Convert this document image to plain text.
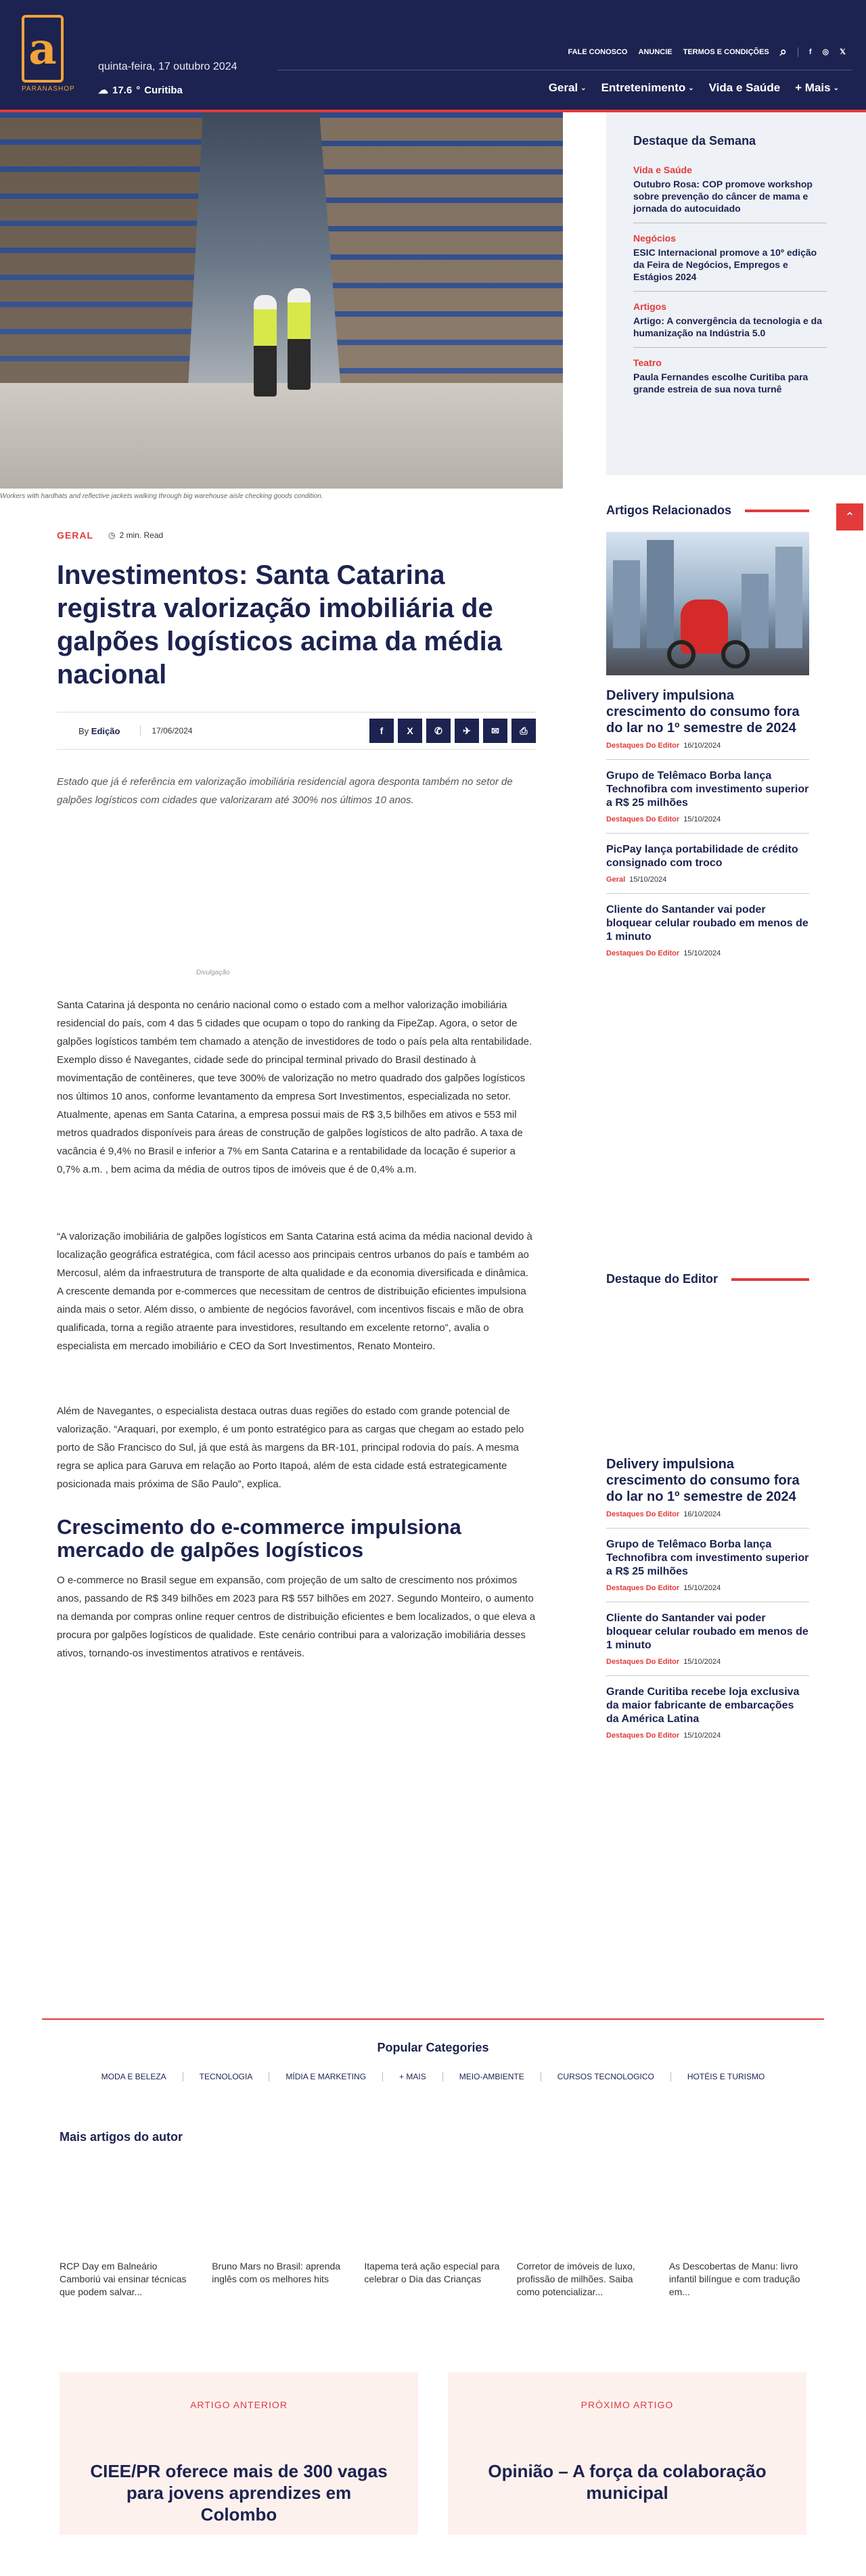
a
PARANASHOP
quinta-feira, 17 outubro 2024
☁ 17.6 ° Curitiba
FALE CONOSCO ANUNCIE TERMOS E CONDIÇÕES ⌕	f ◎ 𝕏
Geral ⌄ Entretenimento ⌄ Vida e Saúde + Mais ⌄
Workers with hardhats and reflective jackets walking through big warehouse aisle checking goods condition.
GERAL ◷ 2 min. Read
Investimentos: Santa Catarina registra valorização imobiliária de galpões logísticos acima da média nacional
By Edição	17/06/2024	f	X	✆	✈	✉	⎙

Estado que já é referência em valorização imobiliária residencial agora desponta também no setor de galpões logísticos com cidades que valorizaram até 300% nos últimos 10 anos.

Divulgação

Santa Catarina já desponta no cenário nacional como o estado com a melhor valorização imobiliária residencial do país, com 4 das 5 cidades que ocupam o topo do ranking da FipeZap. Agora, o setor de galpões logísticos também tem chamado a atenção de investidores de todo o país pela alta rentabilidade. Exemplo disso é Navegantes, cidade sede do principal terminal privado do Brasil destinado à movimentação de contêineres, que teve 300% de valorização no metro quadrado dos galpões logísticos nos últimos 10 anos, conforme levantamento da empresa Sort Investimentos, especializada no setor. Atualmente, apenas em Santa Catarina, a empresa possui mais de R$ 3,5 bilhões em ativos e 553 mil metros quadrados disponíveis para áreas de construção de galpões logísticos de alto padrão. A taxa de vacância é 9,4% no Brasil e inferior a 7% em Santa Catarina e a rentabilidade da locação é superior a 0,7% a.m. , bem acima da média de outros tipos de imóveis que é de 0,4% a.m.

“A valorização imobiliária de galpões logísticos em Santa Catarina está acima da média nacional devido à localização geográfica estratégica, com fácil acesso aos principais centros urbanos do país e também ao Mercosul, além da infraestrutura de transporte de alta qualidade e da economia diversificada e dinâmica. A crescente demanda por e-commerces que necessitam de centros de distribuição eficientes impulsiona ainda mais o setor. Além disso, o ambiente de negócios favorável, com incentivos fiscais e mão de obra qualificada, torna a região atraente para investidores, resultando em excelente retorno”, avalia o especialista em mercado imobiliário e CEO da Sort Investimentos, Renato Monteiro.

Além de Navegantes, o especialista destaca outras duas regiões do estado com grande potencial de valorização. “Araquari, por exemplo, é um ponto estratégico para as cargas que chegam ao estado pelo porto de São Francisco do Sul, já que está às margens da BR-101, principal rodovia do país. A mesma regra se aplica para Garuva em relação ao Porto Itapoá, além de esta cidade está estrategicamente posicionada mais próxima de São Paulo”, explica.

Crescimento do e-commerce impulsiona mercado de galpões logísticos

O e-commerce no Brasil segue em expansão, com projeção de um salto de crescimento nos próximos anos, passando de R$ 349 bilhões em 2023 para R$ 557 bilhões em 2027. Segundo Monteiro, o aumento na demanda por compras online requer centros de distribuição eficientes e bem localizados, o que eleva a procura por galpões logísticos de qualidade. Este cenário contribui para a valorização imobiliária desses ativos, tornando-os investimentos atrativos e rentáveis.

Destaque da Semana
Vida e Saúde
Outubro Rosa: COP promove workshop sobre prevenção do câncer de mama e jornada do autocuidado
Negócios
ESIC Internacional promove a 10º edição da Feira de Negócios, Empregos e Estágios 2024
Artigos
Artigo: A convergência da tecnologia e da humanização na Indústria 5.0
Teatro
Paula Fernandes escolhe Curitiba para grande estreia de sua nova turnê
⌃
Artigos Relacionados
Delivery impulsiona crescimento do consumo fora do lar no 1º semestre de 2024
Destaques Do Editor 16/10/2024
Grupo de Telêmaco Borba lança Technofibra com investimento superior a R$ 25 milhões
Destaques Do Editor 15/10/2024
PicPay lança portabilidade de crédito consignado com troco
Geral 15/10/2024
Cliente do Santander vai poder bloquear celular roubado em menos de 1 minuto
Destaques Do Editor 15/10/2024
Destaque do Editor
Delivery impulsiona crescimento do consumo fora do lar no 1º semestre de 2024
Destaques Do Editor 16/10/2024
Grupo de Telêmaco Borba lança Technofibra com investimento superior a R$ 25 milhões
Destaques Do Editor 15/10/2024
Cliente do Santander vai poder bloquear celular roubado em menos de 1 minuto
Destaques Do Editor 15/10/2024
Grande Curitiba recebe loja exclusiva da maior fabricante de embarcações da América Latina
Destaques Do Editor 15/10/2024
Popular Categories
MODA E BELEZA	TECNOLOGIA	MÍDIA E MARKETING	+ MAIS	MEIO-AMBIENTE	CURSOS TECNOLOGICO	HOTÉIS E TURISMO
Mais artigos do autor
RCP Day em Balneário Camboriú vai ensinar técnicas que podem salvar...
Bruno Mars no Brasil: aprenda inglês com os melhores hits
Itapema terá ação especial para celebrar o Dia das Crianças
Corretor de imóveis de luxo, profissão de milhões. Saiba como potencializar...
As Descobertas de Manu: livro infantil bilíngue e com tradução em...
ARTIGO ANTERIOR
CIEE/PR oferece mais de 300 vagas para jovens aprendizes em Colombo
PRÓXIMO ARTIGO
Opinião – A força da colaboração municipal
